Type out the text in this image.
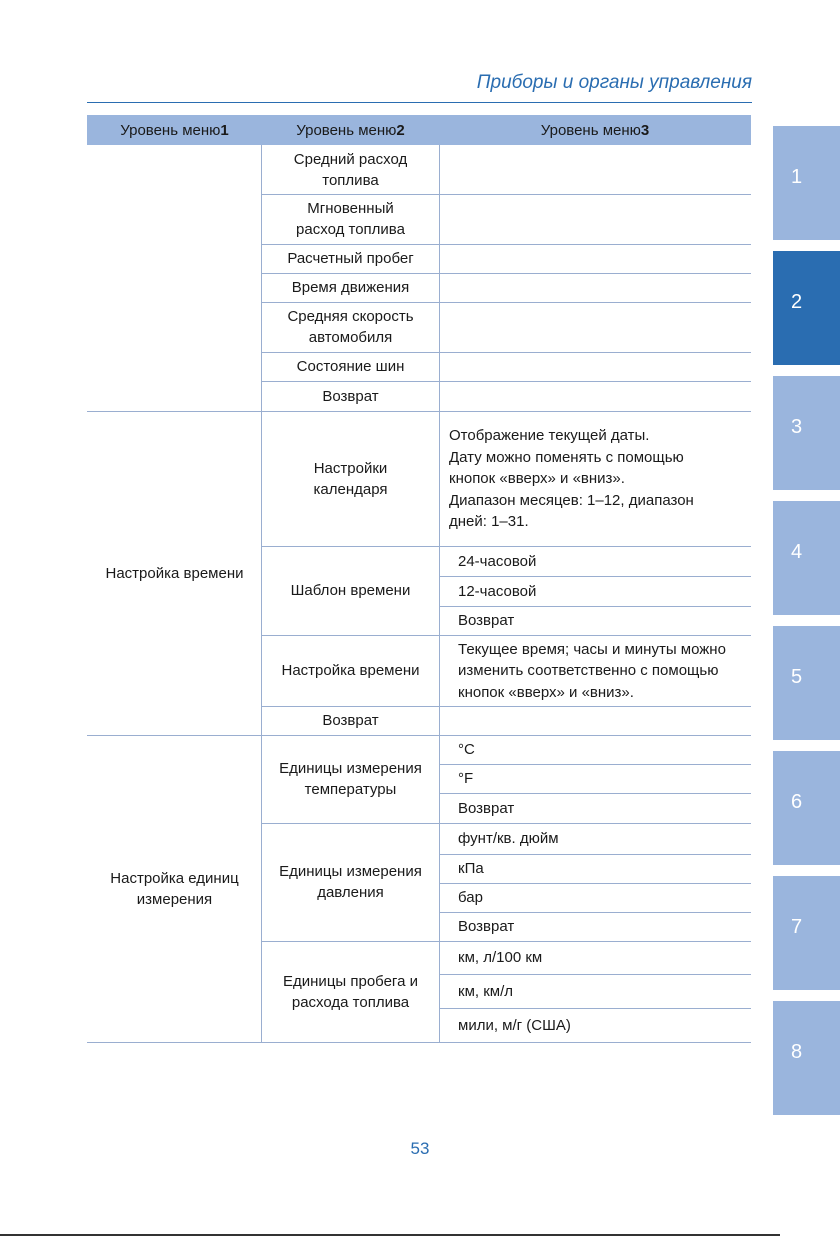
Приборы и органы управления
Уровень меню 1	Уровень меню 2	Уровень меню 3
Средний расход топлива
Мгновенный расход топлива
Расчетный пробег
Время движения
Средняя скорость автомобиля
Состояние шин
Возврат
Настройка времени
Настройки календаря
Отображение текущей даты.
Дату можно поменять с помощью
кнопок «вверх» и «вниз».
Диапазон месяцев: 1–12, диапазон
дней: 1–31.
Шаблон времени
24-часовой
12-часовой
Возврат
Настройка времени
Текущее время; часы и минуты можно
изменить соответственно с помощью
кнопок «вверх» и «вниз».
Возврат
Настройка единиц измерения
Единицы измерения температуры
°C
°F
Возврат
Единицы измерения давления
фунт/кв. дюйм
кПа
бар
Возврат
Единицы пробега и расхода топлива
км, л/100 км
км, км/л
мили, м/г (США)
1
2
3
4
5
6
7
8
53
